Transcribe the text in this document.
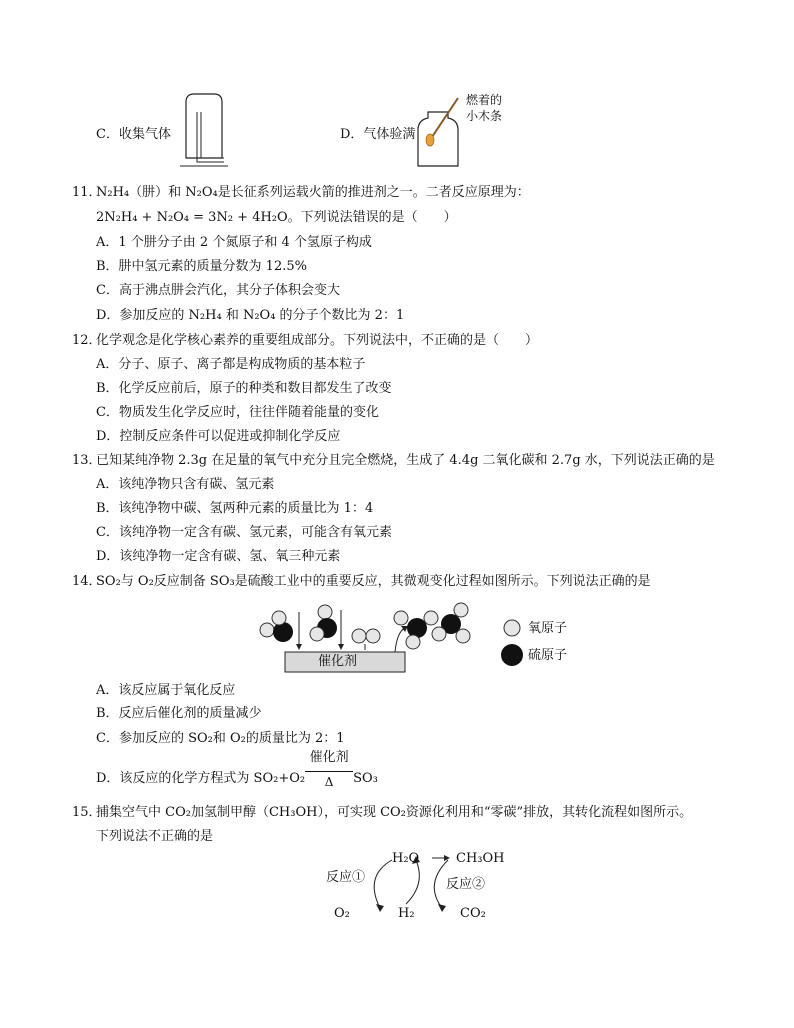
C．收集气体
燃着的
小木条
D．气体验满
11．
N₂H₄（肼）和 N₂O₄是长征系列运载火箭的推进剂之一。二者反应原理为：
2N₂H₄ + N₂O₄ = 3N₂ + 4H₂O。下列说法错误的是（　　）
A．1 个肼分子由 2 个氮原子和 4 个氢原子构成
B．肼中氢元素的质量分数为 12.5%
C．高于沸点肼会汽化，其分子体积会变大
D．参加反应的 N₂H₄ 和 N₂O₄ 的分子个数比为 2：1
12．
化学观念是化学核心素养的重要组成部分。下列说法中，不正确的是（　　）
A．分子、原子、离子都是构成物质的基本粒子
B．化学反应前后，原子的种类和数目都发生了改变
C．物质发生化学反应时，往往伴随着能量的变化
D．控制反应条件可以促进或抑制化学反应
13．
已知某纯净物 2.3g 在足量的氧气中充分且完全燃烧，生成了 4.4g 二氧化碳和 2.7g 水，下列说法正确的是
A．该纯净物只含有碳、氢元素
B．该纯净物中碳、氢两种元素的质量比为 1：4
C．该纯净物一定含有碳、氢元素，可能含有氧元素
D．该纯净物一定含有碳、氢、氧三种元素
14．
SO₂与 O₂反应制备 SO₃是硫酸工业中的重要反应，其微观变化过程如图所示。下列说法正确的是
催化剂
氧原子
硫原子
A．该反应属于氧化反应
B．反应后催化剂的质量减少
C．参加反应的 SO₂和 O₂的质量比为 2：1
D．该反应的化学方程式为 SO₂+O₂
催化剂
Δ	SO₃
15．
捕集空气中 CO₂加氢制甲醇（CH₃OH），可实现 CO₂资源化利用和“零碳”排放，其转化流程如图所示。
下列说法不正确的是
反应①	反应②
H₂O	CH₃OH
O₂	H₂	CO₂
